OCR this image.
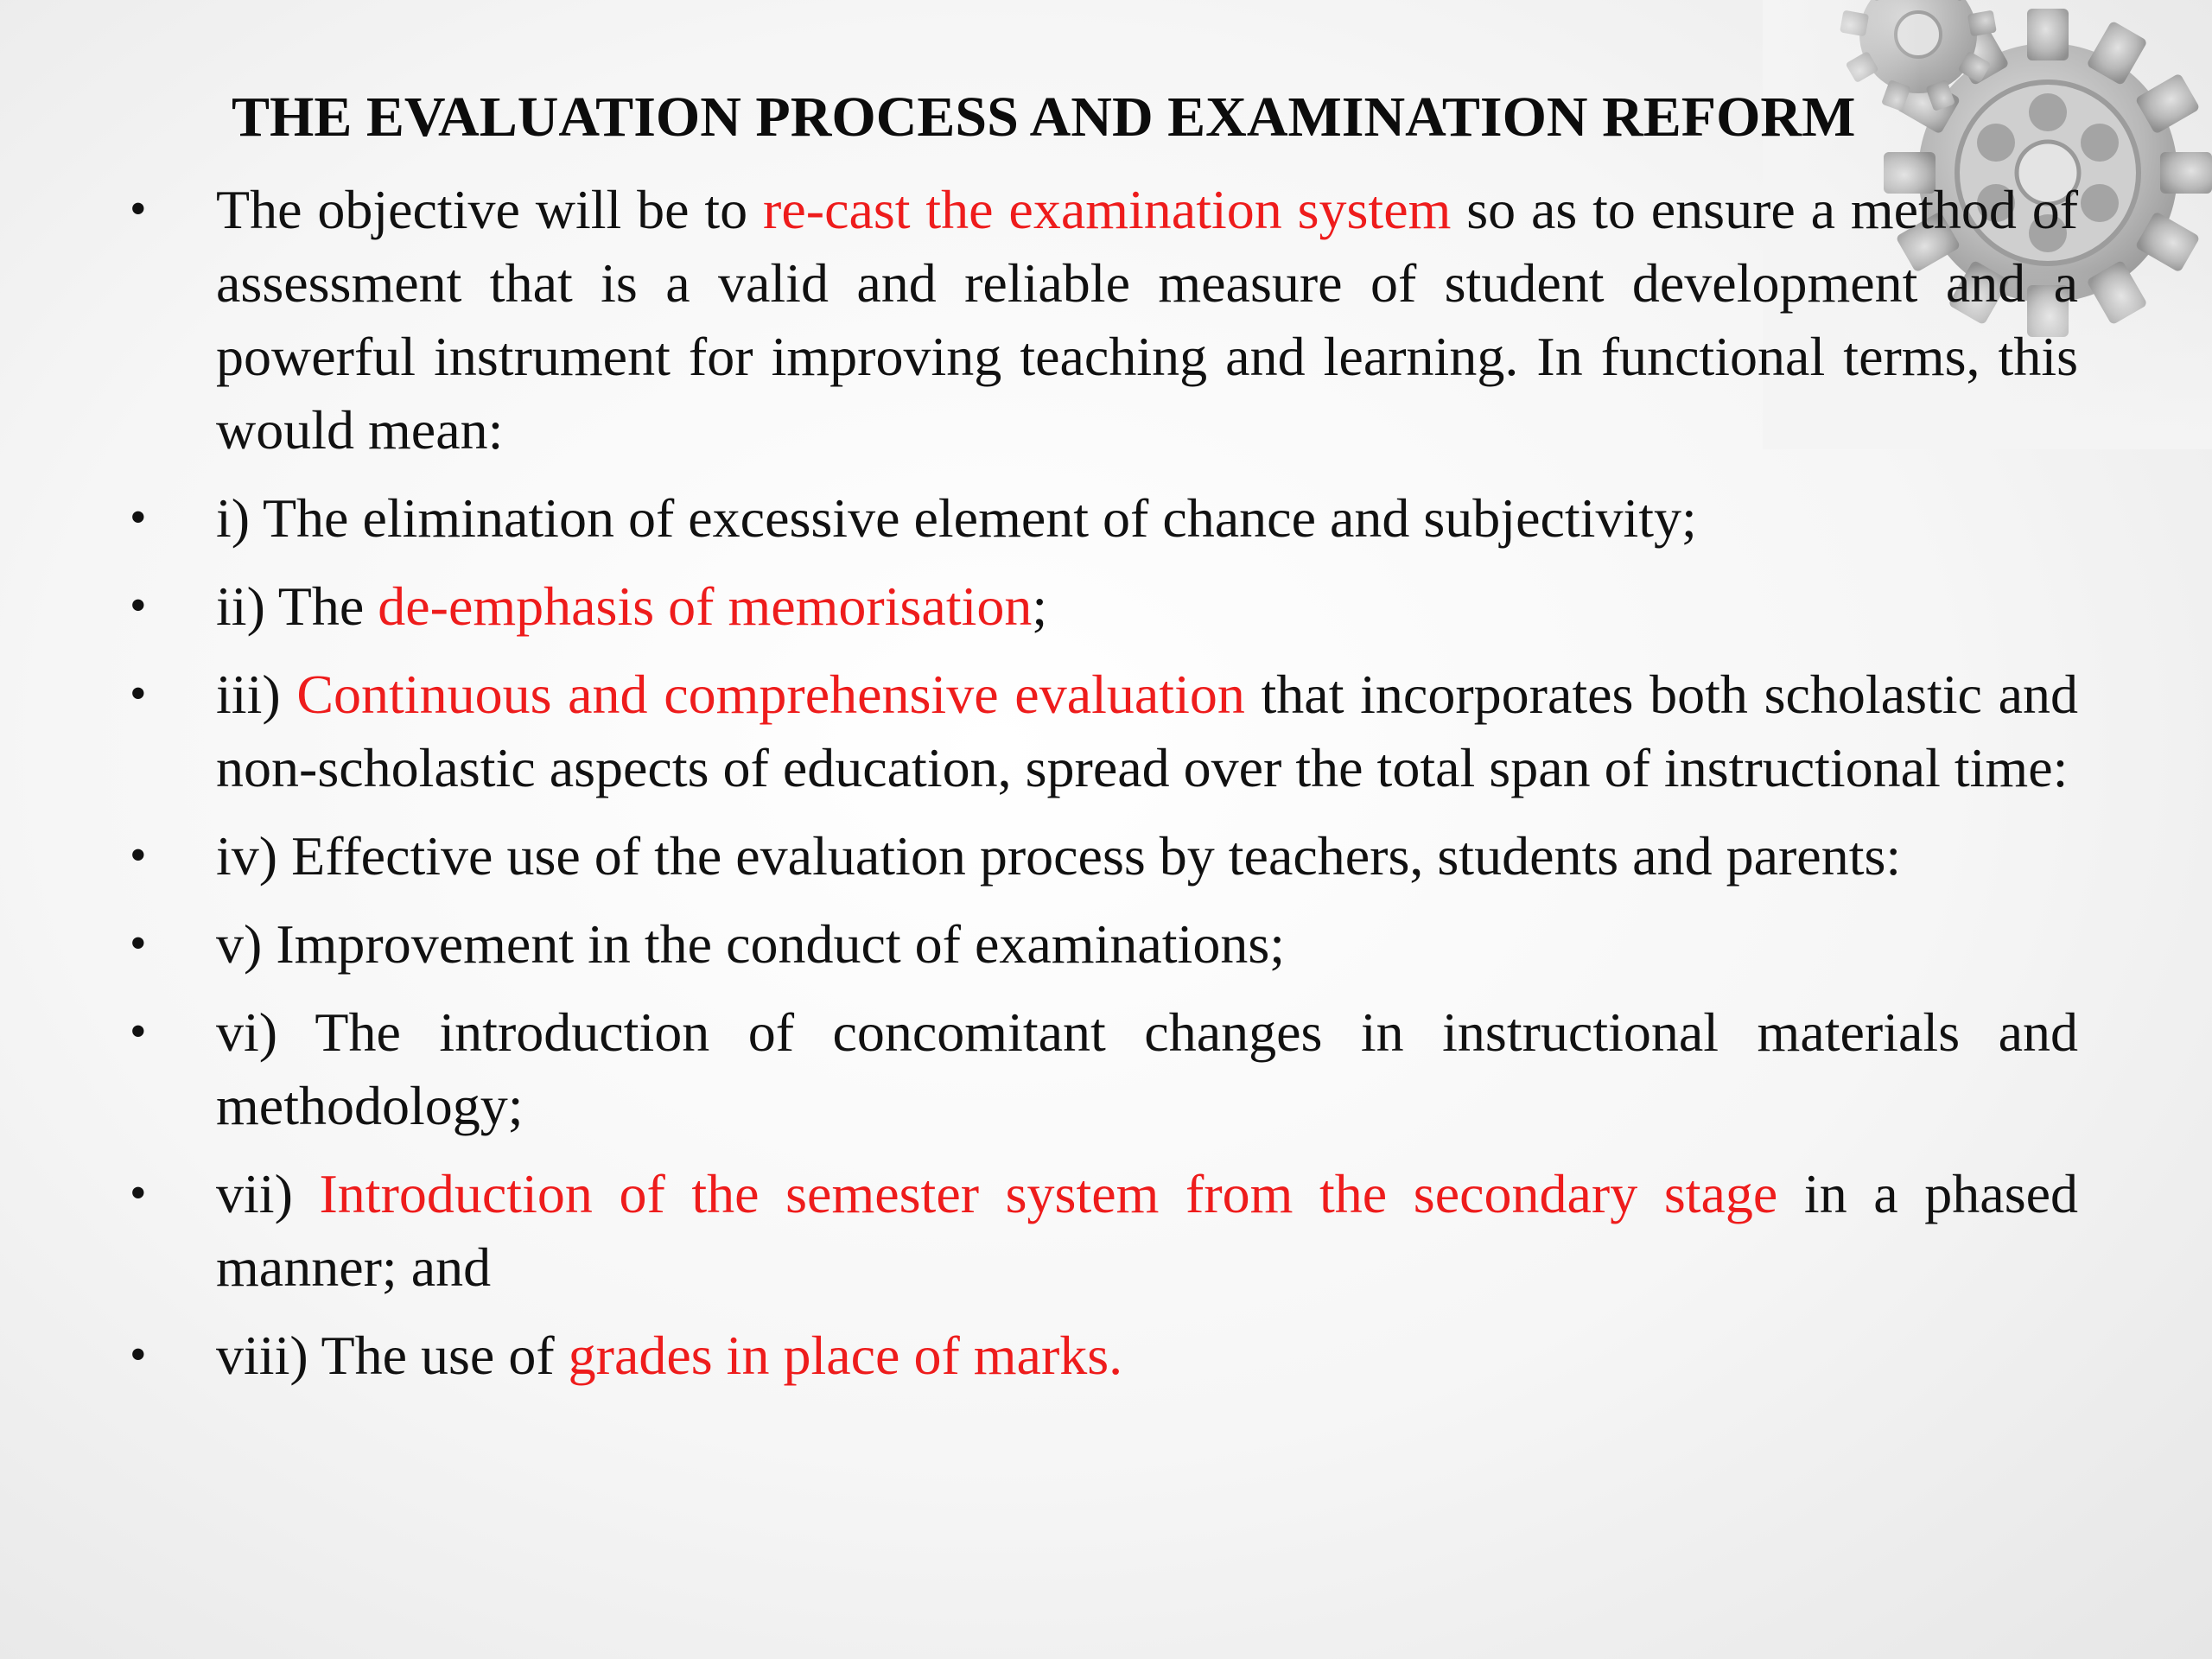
THE EVALUATION PROCESS AND EXAMINATION REFORM
•	The objective will be to re-cast the examination system so as to ensure a method of assessment that is a valid and reliable measure of student development and a powerful instrument for improving teaching and learning. In functional terms, this would mean:
•	i) The elimination of excessive element of chance and subjectivity;
•	ii) The de-emphasis of memorisation;
•	iii) Continuous and comprehensive evaluation that incorporates both scholastic and non-scholastic aspects of education, spread over the total span of instructional time:
•	iv) Effective use of the evaluation process by teachers, students and parents:
•	v) Improvement in the conduct of examinations;
•	vi) The introduction of concomitant changes in instructional materials and methodology;
•	vii) Introduction of the semester system from the secondary stage in a phased manner; and
•	viii) The use of grades in place of marks.
